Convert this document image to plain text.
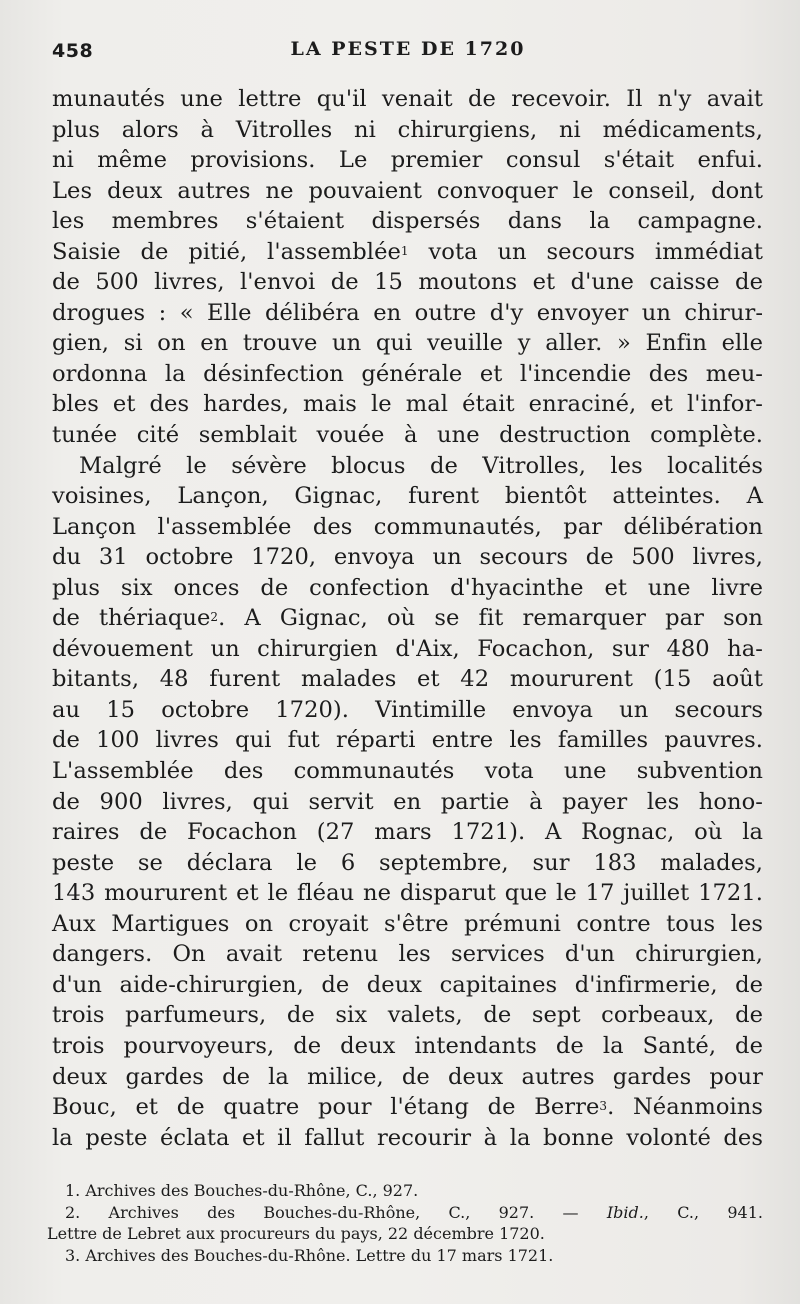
458	LA PESTE DE 1720

munautés une lettre qu'il venait de recevoir. Il n'y avait
plus alors à Vitrolles ni chirurgiens, ni médicaments,
ni même provisions. Le premier consul s'était enfui.
Les deux autres ne pouvaient convoquer le conseil, dont
les membres s'étaient dispersés dans la campagne.
Saisie de pitié, l'assemblée$^1$ vota un secours immédiat
de 500 livres, l'envoi de 15 moutons et d'une caisse de
drogues : « Elle délibéra en outre d'y envoyer un chirur-
gien, si on en trouve un qui veuille y aller. » Enfin elle
ordonna la désinfection générale et l'incendie des meu-
bles et des hardes, mais le mal était enraciné, et l'infor-
tunée cité semblait vouée à une destruction complète.

Malgré le sévère blocus de Vitrolles, les localités
voisines, Lançon, Gignac, furent bientôt atteintes. A
Lançon l'assemblée des communautés, par délibération
du 31 octobre 1720, envoya un secours de 500 livres,
plus six onces de confection d'hyacinthe et une livre
de thériaque$^2$. A Gignac, où se fit remarquer par son
dévouement un chirurgien d'Aix, Focachon, sur 480 ha-
bitants, 48 furent malades et 42 moururent (15 août
au 15 octobre 1720). Vintimille envoya un secours
de 100 livres qui fut réparti entre les familles pauvres.
L'assemblée des communautés vota une subvention
de 900 livres, qui servit en partie à payer les hono-
raires de Focachon (27 mars 1721). A Rognac, où la
peste se déclara le 6 septembre, sur 183 malades,
143 moururent et le fléau ne disparut que le 17 juillet 1721.
Aux Martigues on croyait s'être prémuni contre tous les
dangers. On avait retenu les services d'un chirurgien,
d'un aide-chirurgien, de deux capitaines d'infirmerie, de
trois parfumeurs, de six valets, de sept corbeaux, de
trois pourvoyeurs, de deux intendants de la Santé, de
deux gardes de la milice, de deux autres gardes pour
Bouc, et de quatre pour l'étang de Berre$^3$. Néanmoins
la peste éclata et il fallut recourir à la bonne volonté des

1. Archives des Bouches-du-Rhône, C., 927.
2. Archives des Bouches-du-Rhône, C., 927. — Ibid., C., 941.
Lettre de Lebret aux procureurs du pays, 22 décembre 1720.
3. Archives des Bouches-du-Rhône. Lettre du 17 mars 1721.
